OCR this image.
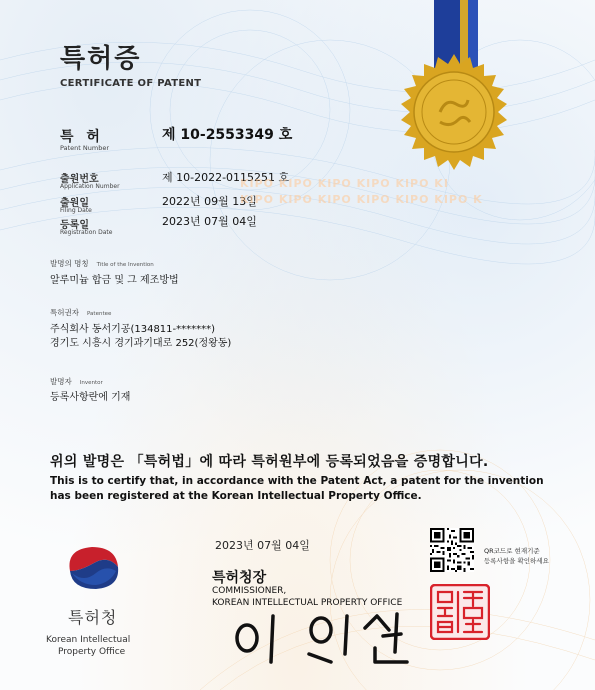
특허증
CERTIFICATE OF PATENT
특 허
Patent Number
제 10-2553349 호
출원번호
Application Number
제 10-2022-0115251 호
출원일
Filing Date
2022년 09월 13일
등록일
Registration Date
2023년 07월 04일
KIPO KIPO KIPO KIPO KIPO KI
KIPO KIPO KIPO KIPO KIPO KIPO K
발명의 명칭 Title of the Invention
알루미늄 합금 및 그 제조방법
특허권자 Patentee
주식회사 동서기공(134811-*******)
경기도 시흥시 경기과기대로 252(정왕동)
발명자 Inventor
등록사항란에 기재
위의 발명은 「특허법」에 따라 특허원부에 등록되었음을 증명합니다.
This is to certify that, in accordance with the Patent Act, a patent for the invention has been registered at the Korean Intellectual Property Office.
특허청
Korean Intellectual
Property Office
2023년 07월 04일
특허청장
COMMISSIONER,
KOREAN INTELLECTUAL PROPERTY OFFICE
QR코드로 현재기준
등록사항을 확인하세요
